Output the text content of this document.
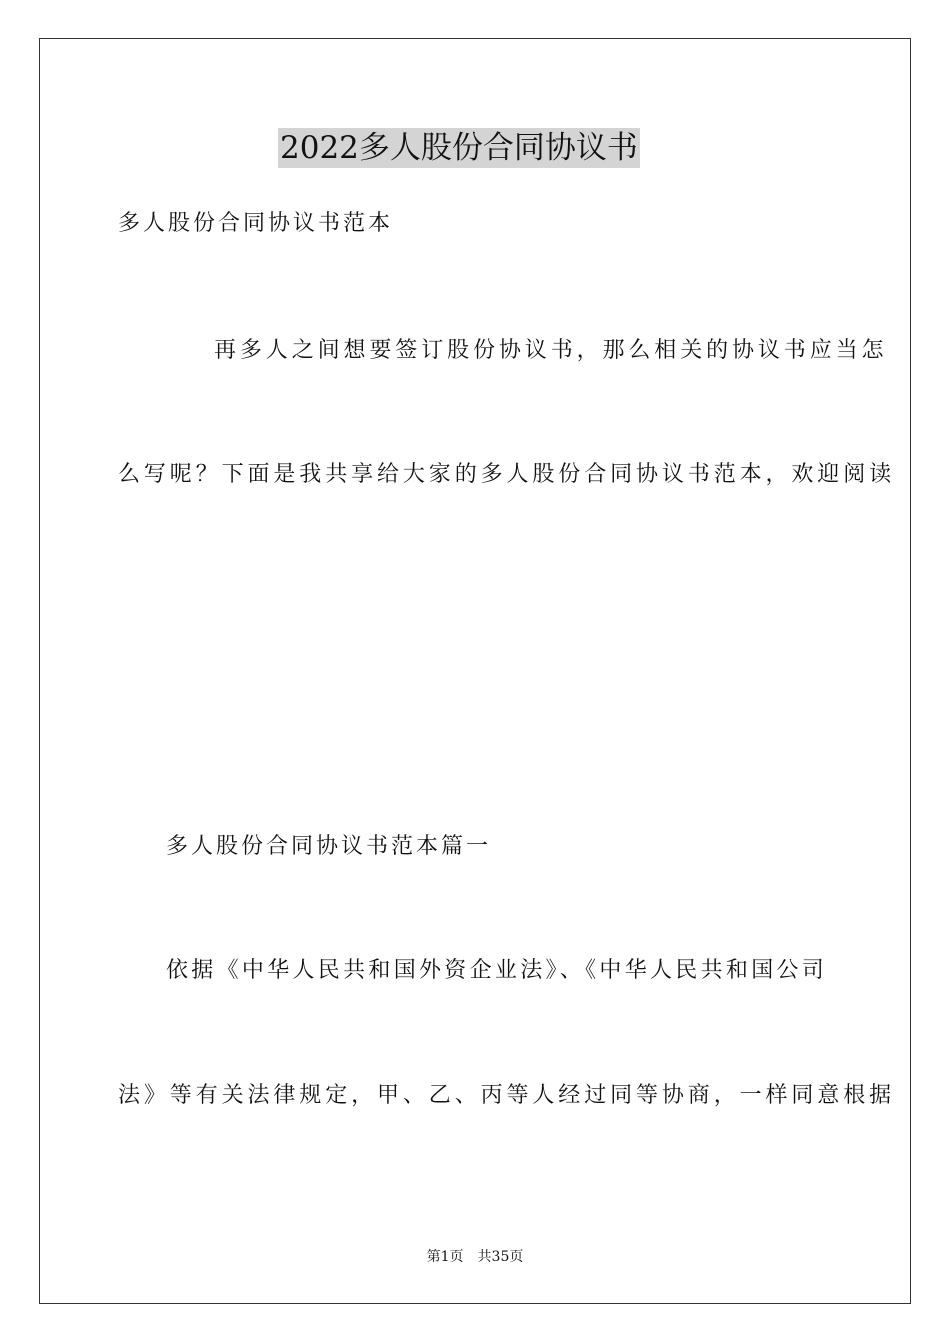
2022多人股份合同协议书
多人股份合同协议书范本
再多人之间想要签订股份协议书，那么相关的协议书应当怎
么写呢？下面是我共享给大家的多人股份合同协议书范本，欢迎阅读
多人股份合同协议书范本篇一
依据《中华人民共和国外资企业法》、《中华人民共和国公司
法》等有关法律规定，甲、乙、丙等人经过同等协商，一样同意根据
第1页 共35页
